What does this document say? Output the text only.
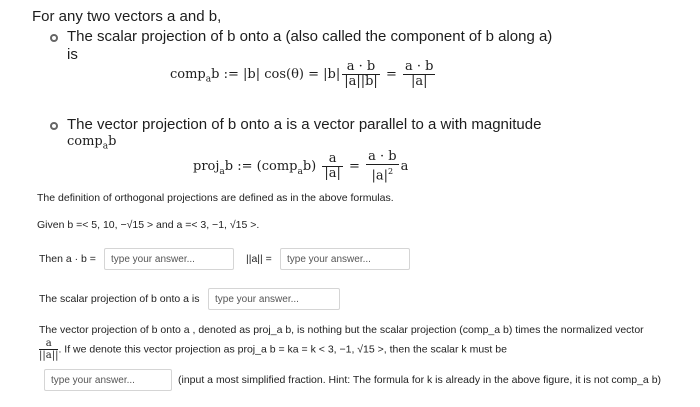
For any two vectors a and b,
The scalar projection of b onto a (also called the component of b along a)
is
comp$_a$b := |b| $\cos(\theta) = |b| \frac{a \cdot b}{|a||b|} = \frac{a \cdot b}{|a|}$
The vector projection of b onto a is a vector parallel to a with magnitude
comp$_a$b
proj$_a$b := (comp$_a$b) $\frac{a}{|a|} = \frac{a \cdot b}{|a|^2}$ a
The definition of orthogonal projections are defined as in the above formulas.
Given b =< 5, 10, −√15 > and a =< 3, −1, √15 >.
Then a · b =
type your answer...	||a|| =
type your answer...
The scalar projection of b onto a is
type your answer...
The vector projection of b onto a , denoted as proj_a b, is nothing but the scalar projection (comp_a b) times the normalized vector
$\frac{a}{||a||}$ . If we denote this vector projection as proj_a b = ka = k < 3, −1, √15 >, then the scalar k must be
type your answer...
(input a most simplified fraction. Hint: The formula for k is already in the above figure, it is not comp_a b)
